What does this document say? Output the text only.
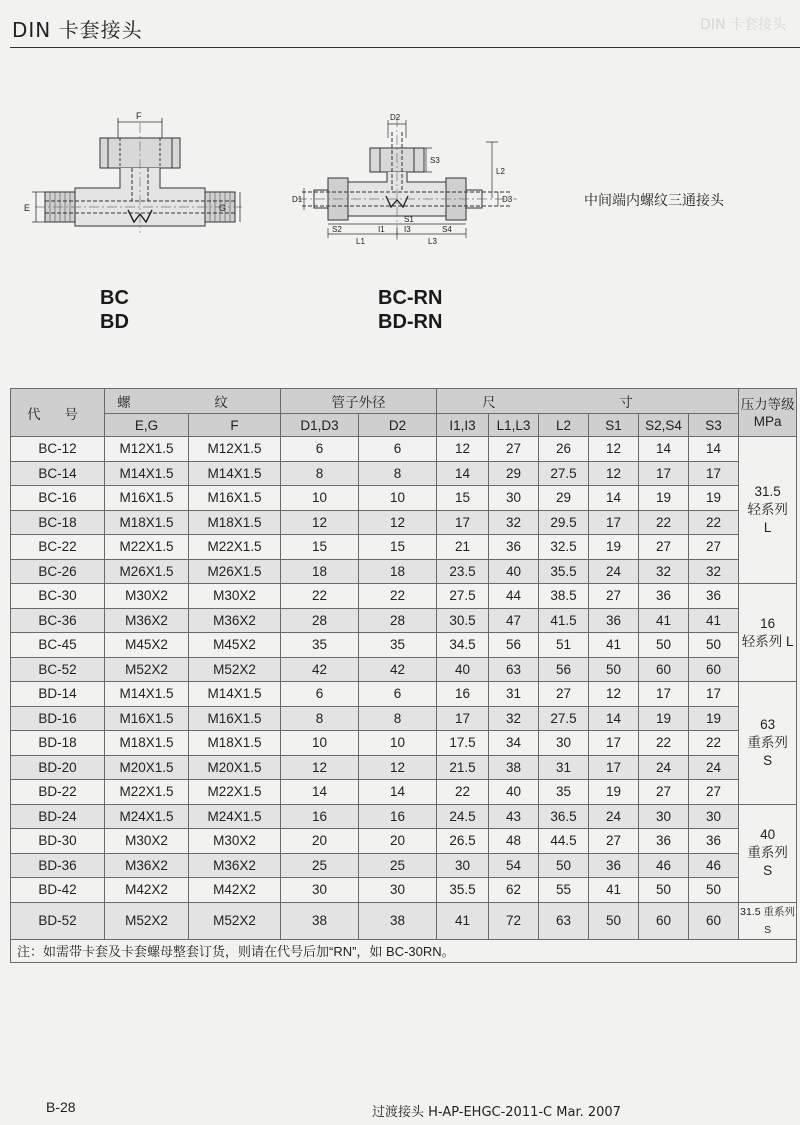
DIN 卡套接头	DIN 卡套接头
F
E	G
D2
S3
L2
D1	D3
S2	I1
S1
I3	S4
L1	L3
中间端内螺纹三通接头
BC
BD
BC-RN
BD-RN
代 号	螺 纹		管子外径		尺 寸						压力等级
MPa
	E,G	F	D1,D3	D2	I1,I3	L1,L3	L2	S1	S2,S4	S3	
BC-12	M12X1.5	M12X1.5	6	6	12	27	26	12	14	14	31.5
轻系列
L
BC-14	M14X1.5	M14X1.5	8	8	14	29	27.5	12	17	17	
BC-16	M16X1.5	M16X1.5	10	10	15	30	29	14	19	19	
BC-18	M18X1.5	M18X1.5	12	12	17	32	29.5	17	22	22	
BC-22	M22X1.5	M22X1.5	15	15	21	36	32.5	19	27	27	
BC-26	M26X1.5	M26X1.5	18	18	23.5	40	35.5	24	32	32	
BC-30	M30X2	M30X2	22	22	27.5	44	38.5	27	36	36	16
轻系列 L
BC-36	M36X2	M36X2	28	28	30.5	47	41.5	36	41	41	
BC-45	M45X2	M45X2	35	35	34.5	56	51	41	50	50	
BC-52	M52X2	M52X2	42	42	40	63	56	50	60	60	
BD-14	M14X1.5	M14X1.5	6	6	16	31	27	12	17	17	63
重系列
S
BD-16	M16X1.5	M16X1.5	8	8	17	32	27.5	14	19	19	
BD-18	M18X1.5	M18X1.5	10	10	17.5	34	30	17	22	22	
BD-20	M20X1.5	M20X1.5	12	12	21.5	38	31	17	24	24	
BD-22	M22X1.5	M22X1.5	14	14	22	40	35	19	27	27	
BD-24	M24X1.5	M24X1.5	16	16	24.5	43	36.5	24	30	30	40
重系列
S
BD-30	M30X2	M30X2	20	20	26.5	48	44.5	27	36	36	
BD-36	M36X2	M36X2	25	25	30	54	50	36	46	46	
BD-42	M42X2	M42X2	30	30	35.5	62	55	41	50	50	
BD-52	M52X2	M52X2	38	38	41	72	63	50	60	60	31.5 重系列 S
注：如需带卡套及卡套螺母整套订货，则请在代号后加“RN”，如 BC-30RN。											
B-28	过渡接头 H-AP-EHGC-2011-C Mar. 2007
